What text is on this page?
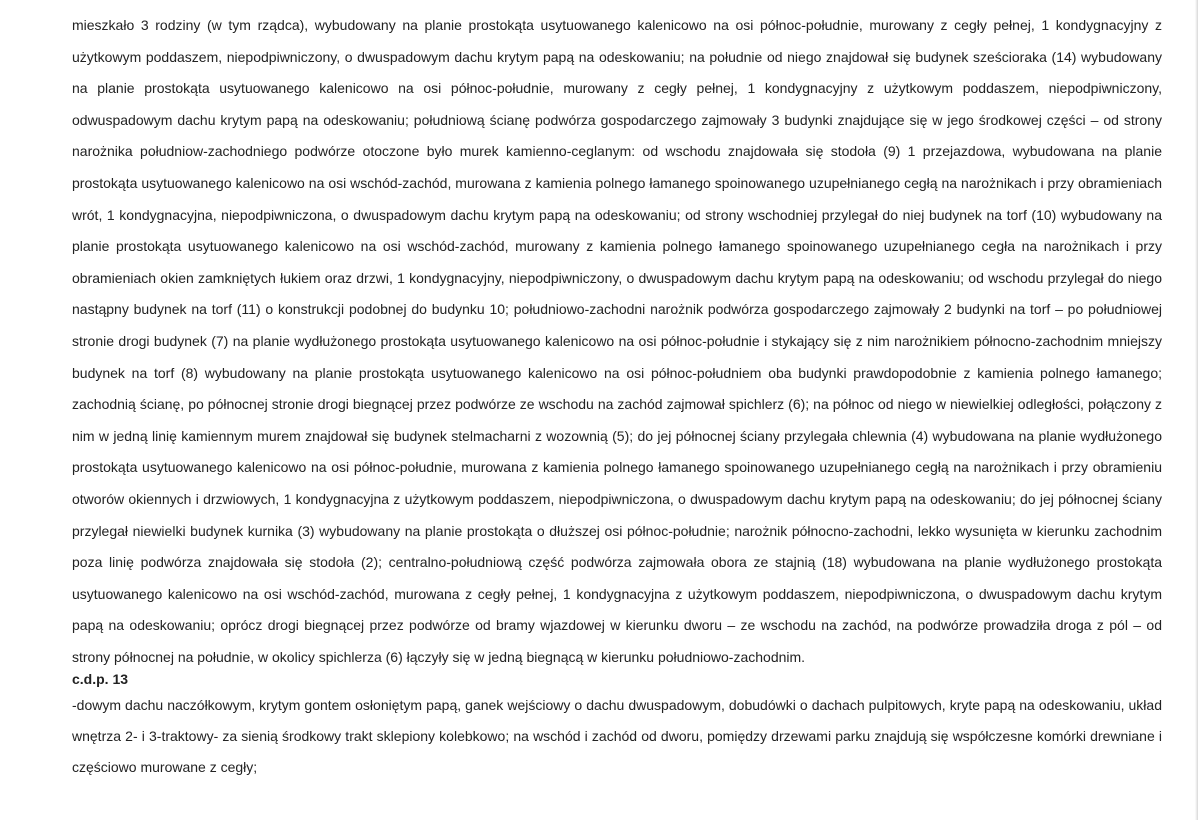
mieszkało 3 rodziny (w tym rządca), wybudowany na planie prostokąta usytuowanego kalenicowo na osi północ-południe, murowany z cegły pełnej, 1 kondygnacyjny z użytkowym poddaszem, niepodpiwniczony, o dwuspadowym dachu krytym papą na odeskowaniu; na południe od niego znajdował się budynek sześcioraka (14) wybudowany na planie prostokąta usytuowanego kalenicowo na osi północ-południe, murowany z cegły pełnej, 1 kondygnacyjny z użytkowym poddaszem, niepodpiwniczony, odwuspadowym dachu krytym papą na odeskowaniu; południową ścianę podwórza gospodarczego zajmowały 3 budynki znajdujące się w jego środkowej części – od strony narożnika południow-zachodniego podwórze otoczone było murek kamienno-ceglanym: od wschodu znajdowała się stodoła (9) 1 przejazdowa, wybudowana na planie prostokąta usytuowanego kalenicowo na osi wschód-zachód, murowana z kamienia polnego łamanego spoinowanego uzupełnianego cegłą na narożnikach i przy obramieniach wrót, 1 kondygnacyjna, niepodpiwniczona, o dwuspadowym dachu krytym papą na odeskowaniu; od strony wschodniej przylegał do niej budynek na torf (10) wybudowany na planie prostokąta usytuowanego kalenicowo na osi wschód-zachód, murowany z kamienia polnego łamanego spoinowanego uzupełnianego cegła na narożnikach i przy obramieniach okien zamkniętych łukiem oraz drzwi, 1 kondygnacyjny, niepodpiwniczony, o dwuspadowym dachu krytym papą na odeskowaniu; od wschodu przylegał do niego nastąpny budynek na torf (11) o konstrukcji podobnej do budynku 10; południowo-zachodni narożnik podwórza gospodarczego zajmowały 2 budynki na torf – po południowej stronie drogi budynek (7) na planie wydłużonego prostokąta usytuowanego kalenicowo na osi północ-południe i stykający się z nim narożnikiem północno-zachodnim mniejszy budynek na torf (8) wybudowany na planie prostokąta usytuowanego kalenicowo na osi północ-południem oba budynki prawdopodobnie z kamienia polnego łamanego; zachodnią ścianę, po północnej stronie drogi biegnącej przez podwórze ze wschodu na zachód zajmował spichlerz (6); na północ od niego w niewielkiej odległości, połączony z nim w jedną linię kamiennym murem znajdował się budynek stelmacharni z wozownią (5); do jej północnej ściany przylegała chlewnia (4) wybudowana na planie wydłużonego prostokąta usytuowanego kalenicowo na osi północ-południe, murowana z kamienia polnego łamanego spoinowanego uzupełnianego cegłą na narożnikach i przy obramieniu otworów okiennych i drzwiowych, 1 kondygnacyjna z użytkowym poddaszem, niepodpiwniczona, o dwuspadowym dachu krytym papą na odeskowaniu; do jej północnej ściany przylegał niewielki budynek kurnika (3) wybudowany na planie prostokąta o dłuższej osi północ-południe; narożnik północno-zachodni, lekko wysunięta w kierunku zachodnim poza linię podwórza znajdowała się stodoła (2); centralno-południową część podwórza zajmowała obora ze stajnią (18) wybudowana na planie wydłużonego prostokąta usytuowanego kalenicowo na osi wschód-zachód, murowana z cegły pełnej, 1 kondygnacyjna z użytkowym poddaszem, niepodpiwniczona, o dwuspadowym dachu krytym papą na odeskowaniu; oprócz drogi biegnącej przez podwórze od bramy wjazdowej w kierunku dworu – ze wschodu na zachód, na podwórze prowadziła droga z pól – od strony północnej na południe, w okolicy spichlerza (6) łączyły się w jedną biegnącą w kierunku południowo-zachodnim.
c.d.p. 13
-dowym dachu naczółkowym, krytym gontem osłoniętym papą, ganek wejściowy o dachu dwuspadowym, dobudówki o dachach pulpitowych, kryte papą na odeskowaniu, układ wnętrza 2- i 3-traktowy- za sienią środkowy trakt sklepiony kolebkowo; na wschód i zachód od dworu, pomiędzy drzewami parku znajdują się współczesne komórki drewniane i częściowo murowane z cegły;
